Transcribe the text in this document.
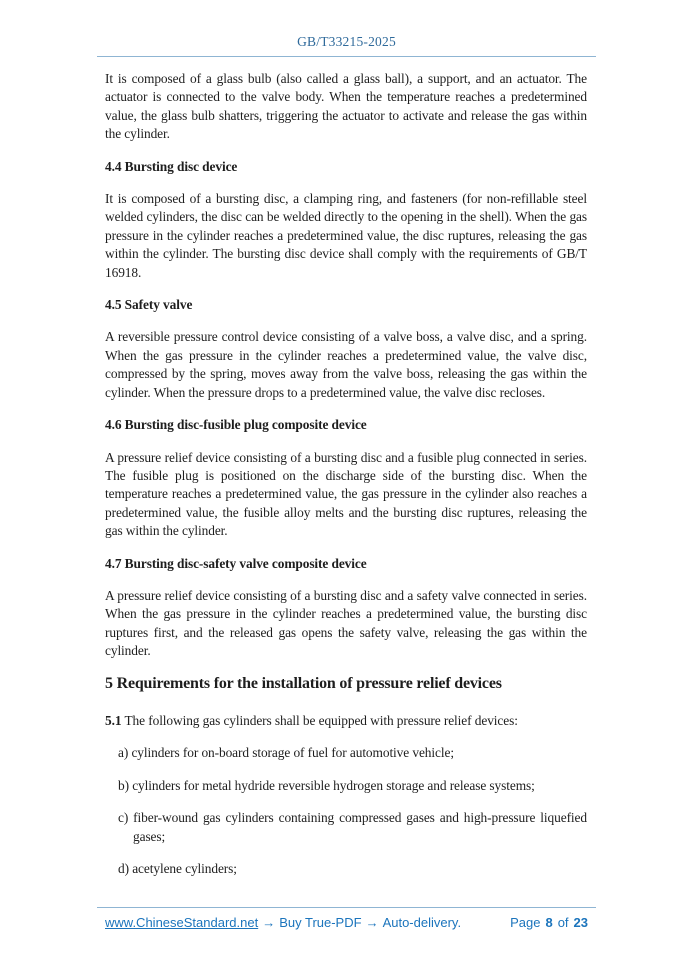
GB/T33215-2025

It is composed of a glass bulb (also called a glass ball), a support, and an actuator. The actuator is connected to the valve body. When the temperature reaches a predetermined value, the glass bulb shatters, triggering the actuator to activate and release the gas within the cylinder.

4.4 Bursting disc device

It is composed of a bursting disc, a clamping ring, and fasteners (for non-refillable steel welded cylinders, the disc can be welded directly to the opening in the shell). When the gas pressure in the cylinder reaches a predetermined value, the disc ruptures, releasing the gas within the cylinder. The bursting disc device shall comply with the requirements of GB/T 16918.

4.5 Safety valve

A reversible pressure control device consisting of a valve boss, a valve disc, and a spring. When the gas pressure in the cylinder reaches a predetermined value, the valve disc, compressed by the spring, moves away from the valve boss, releasing the gas within the cylinder. When the pressure drops to a predetermined value, the valve disc recloses.

4.6 Bursting disc-fusible plug composite device

A pressure relief device consisting of a bursting disc and a fusible plug connected in series. The fusible plug is positioned on the discharge side of the bursting disc. When the temperature reaches a predetermined value, the gas pressure in the cylinder also reaches a predetermined value, the fusible alloy melts and the bursting disc ruptures, releasing the gas within the cylinder.

4.7 Bursting disc-safety valve composite device

A pressure relief device consisting of a bursting disc and a safety valve connected in series. When the gas pressure in the cylinder reaches a predetermined value, the bursting disc ruptures first, and the released gas opens the safety valve, releasing the gas within the cylinder.

5 Requirements for the installation of pressure relief devices

5.1 The following gas cylinders shall be equipped with pressure relief devices:

a) cylinders for on-board storage of fuel for automotive vehicle;

b) cylinders for metal hydride reversible hydrogen storage and release systems;

c) fiber-wound gas cylinders containing compressed gases and high-pressure liquefied gases;

d) acetylene cylinders;

www.ChineseStandard.net → Buy True-PDF → Auto-delivery.	Page 8 of 23
